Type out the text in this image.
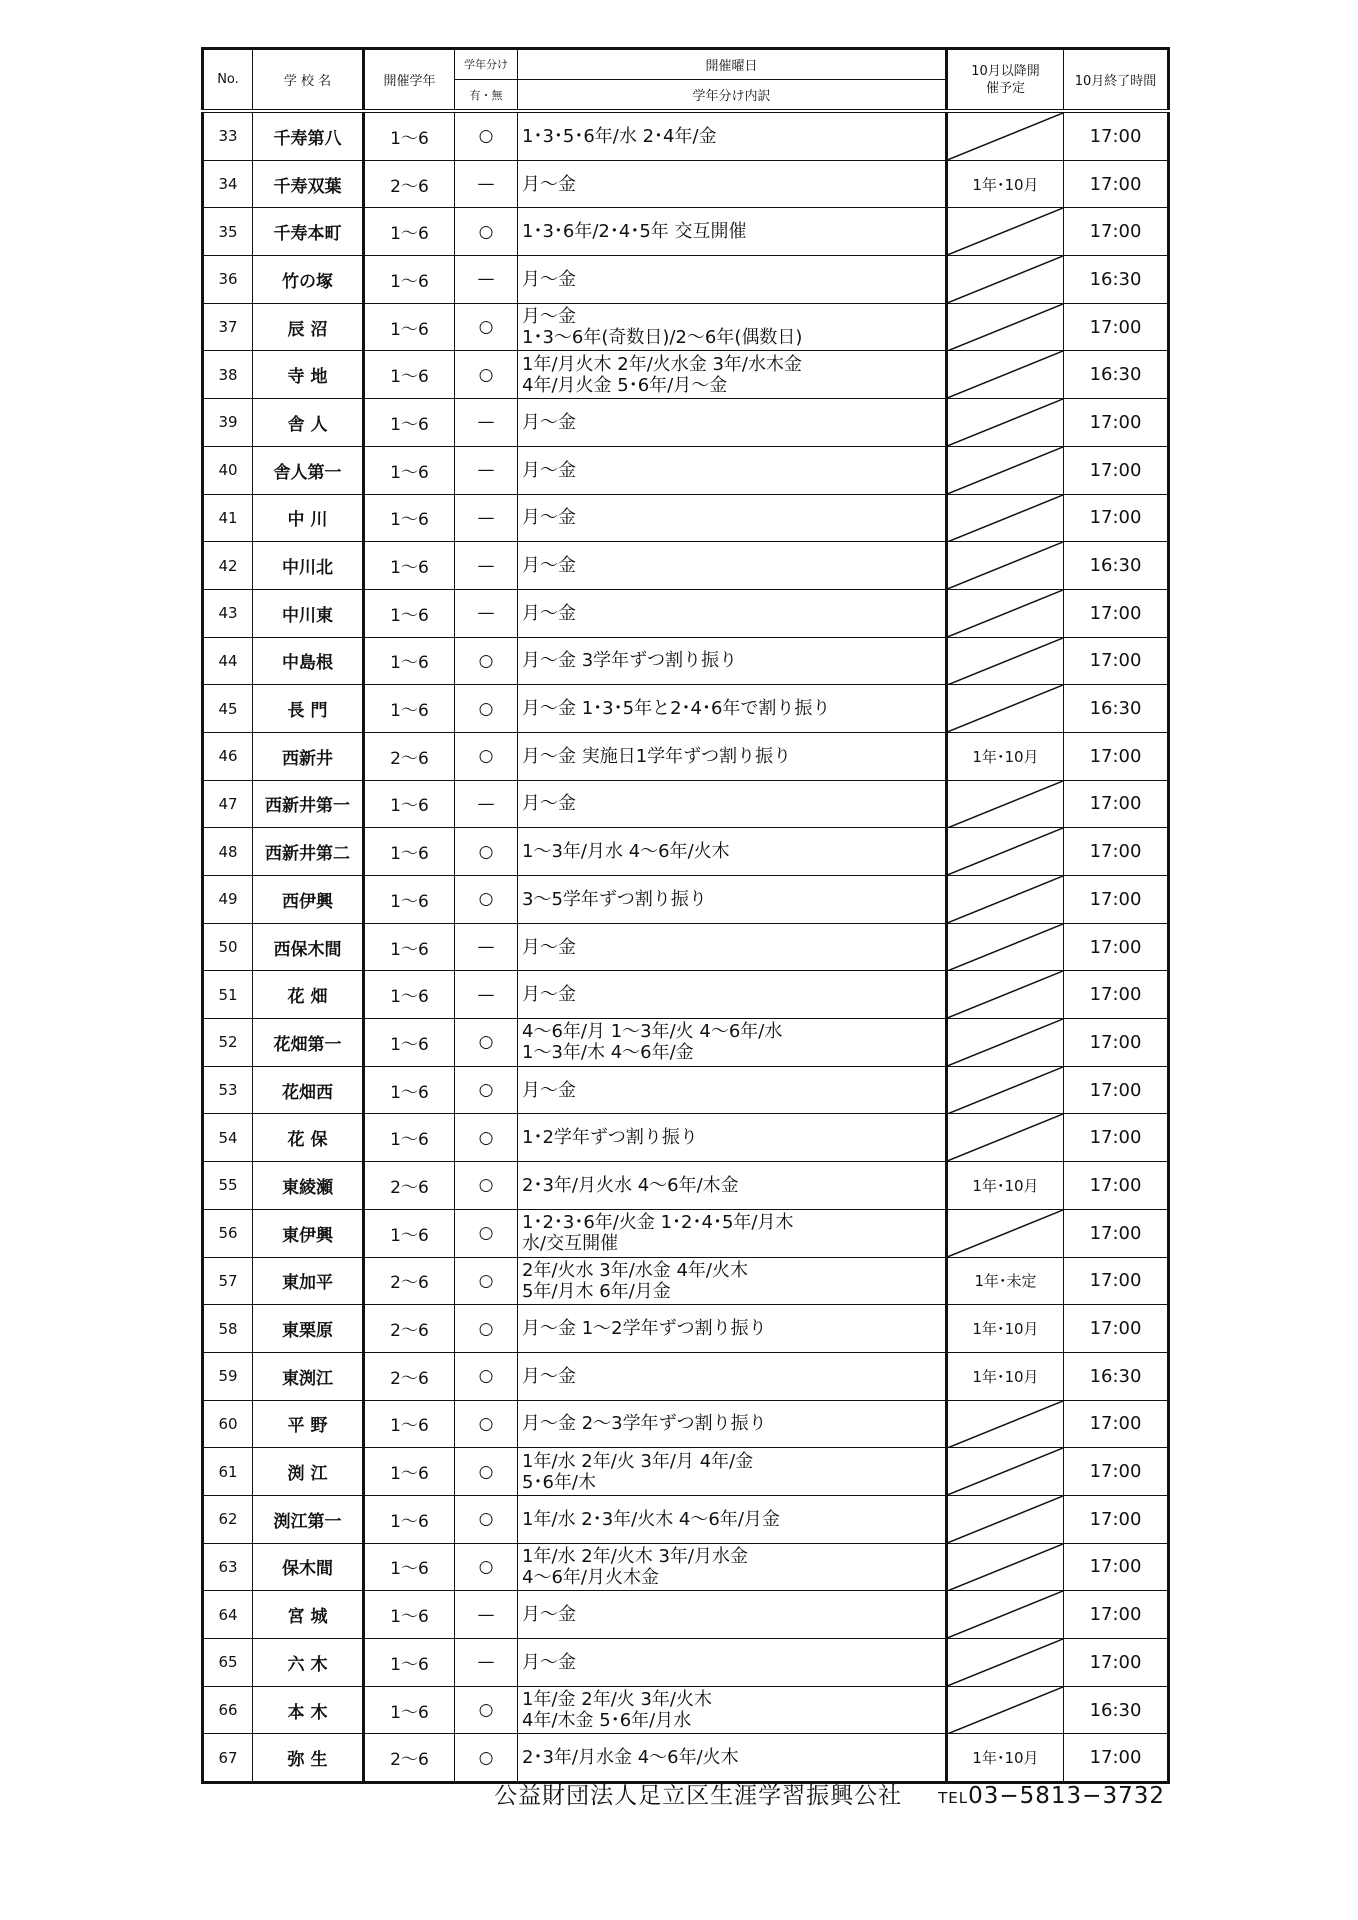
No.	学 校 名	開催学年	学年分け	開催曜日	10月以降開催予定	10月終了時間
			有・無	学年分け内訳		
33	千寿第八	1〜6	○	1･3･5･6年/水 2･4年/金		17:00
34	千寿双葉	2〜6	—	月〜金	1年･10月	17:00
35	千寿本町	1〜6	○	1･3･6年/2･4･5年 交互開催		17:00
36	竹の塚	1〜6	—	月〜金		16:30
37	辰 沼	1〜6	○	月〜金
1･3〜6年(奇数日)/2〜6年(偶数日)		17:00
38	寺 地	1〜6	○	1年/月火木 2年/火水金 3年/水木金
4年/月火金 5･6年/月〜金		16:30
39	舎 人	1〜6	—	月〜金		17:00
40	舎人第一	1〜6	—	月〜金		17:00
41	中 川	1〜6	—	月〜金		17:00
42	中川北	1〜6	—	月〜金		16:30
43	中川東	1〜6	—	月〜金		17:00
44	中島根	1〜6	○	月〜金 3学年ずつ割り振り		17:00
45	長 門	1〜6	○	月〜金 1･3･5年と2･4･6年で割り振り		16:30
46	西新井	2〜6	○	月〜金 実施日1学年ずつ割り振り	1年･10月	17:00
47	西新井第一	1〜6	—	月〜金		17:00
48	西新井第二	1〜6	○	1〜3年/月水 4〜6年/火木		17:00
49	西伊興	1〜6	○	3〜5学年ずつ割り振り		17:00
50	西保木間	1〜6	—	月〜金		17:00
51	花 畑	1〜6	—	月〜金		17:00
52	花畑第一	1〜6	○	4〜6年/月 1〜3年/火 4〜6年/水
1〜3年/木 4〜6年/金		17:00
53	花畑西	1〜6	○	月〜金		17:00
54	花 保	1〜6	○	1･2学年ずつ割り振り		17:00
55	東綾瀬	2〜6	○	2･3年/月火水 4〜6年/木金	1年･10月	17:00
56	東伊興	1〜6	○	1･2･3･6年/火金 1･2･4･5年/月木
水/交互開催		17:00
57	東加平	2〜6	○	2年/火水 3年/水金 4年/火木
5年/月木 6年/月金	1年･未定	17:00
58	東栗原	2〜6	○	月〜金 1〜2学年ずつ割り振り	1年･10月	17:00
59	東渕江	2〜6	○	月〜金	1年･10月	16:30
60	平 野	1〜6	○	月〜金 2〜3学年ずつ割り振り		17:00
61	渕 江	1〜6	○	1年/水 2年/火 3年/月 4年/金
5･6年/木		17:00
62	渕江第一	1〜6	○	1年/水 2･3年/火木 4〜6年/月金		17:00
63	保木間	1〜6	○	1年/水 2年/火木 3年/月水金
4〜6年/月火木金		17:00
64	宮 城	1〜6	—	月〜金		17:00
65	六 木	1〜6	—	月〜金		17:00
66	本 木	1〜6	○	1年/金 2年/火 3年/火木
4年/木金 5･6年/月水		16:30
67	弥 生	2〜6	○	2･3年/月水金 4〜6年/火木	1年･10月	17:00
公益財団法人足立区生涯学習振興公社 TEL03−5813−3732
